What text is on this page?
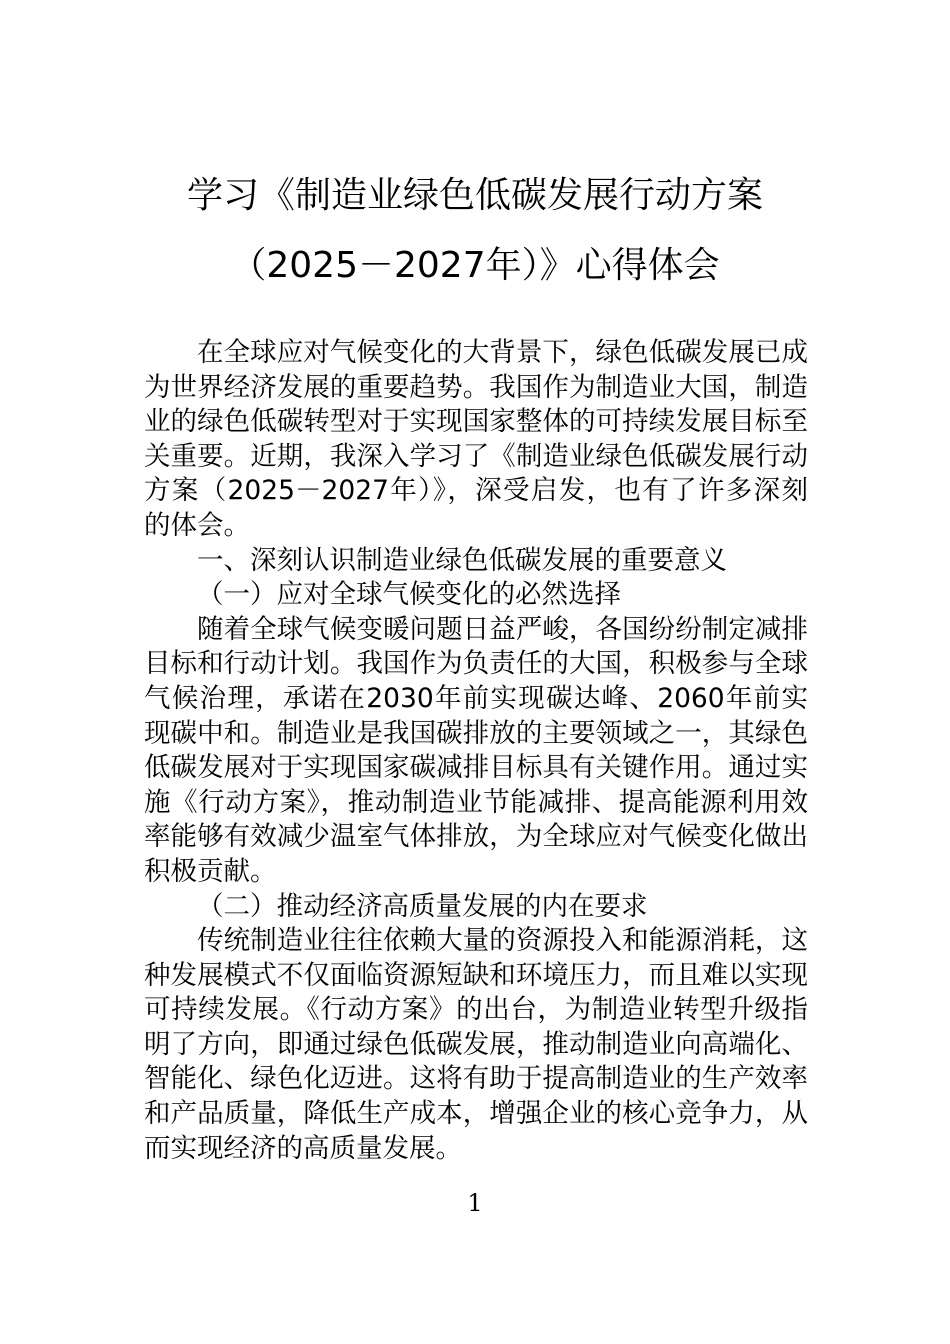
学习《制造业绿色低碳发展行动方案
（2025－2027年）》心得体会

在全球应对气候变化的大背景下，绿色低碳发展已成为世界经济发展的重要趋势。我国作为制造业大国，制造业的绿色低碳转型对于实现国家整体的可持续发展目标至关重要。近期，我深入学习了《制造业绿色低碳发展行动方案（2025－2027年）》，深受启发，也有了许多深刻的体会。

一、深刻认识制造业绿色低碳发展的重要意义

（一）应对全球气候变化的必然选择

随着全球气候变暖问题日益严峻，各国纷纷制定减排目标和行动计划。我国作为负责任的大国，积极参与全球气候治理，承诺在2030年前实现碳达峰、2060年前实现碳中和。制造业是我国碳排放的主要领域之一，其绿色低碳发展对于实现国家碳减排目标具有关键作用。通过实施《行动方案》，推动制造业节能减排、提高能源利用效率能够有效减少温室气体排放，为全球应对气候变化做出积极贡献。

（二）推动经济高质量发展的内在要求

传统制造业往往依赖大量的资源投入和能源消耗，这种发展模式不仅面临资源短缺和环境压力，而且难以实现可持续发展。《行动方案》的出台，为制造业转型升级指明了方向，即通过绿色低碳发展，推动制造业向高端化、智能化、绿色化迈进。这将有助于提高制造业的生产效率和产品质量，降低生产成本，增强企业的核心竞争力，从而实现经济的高质量发展。

1
